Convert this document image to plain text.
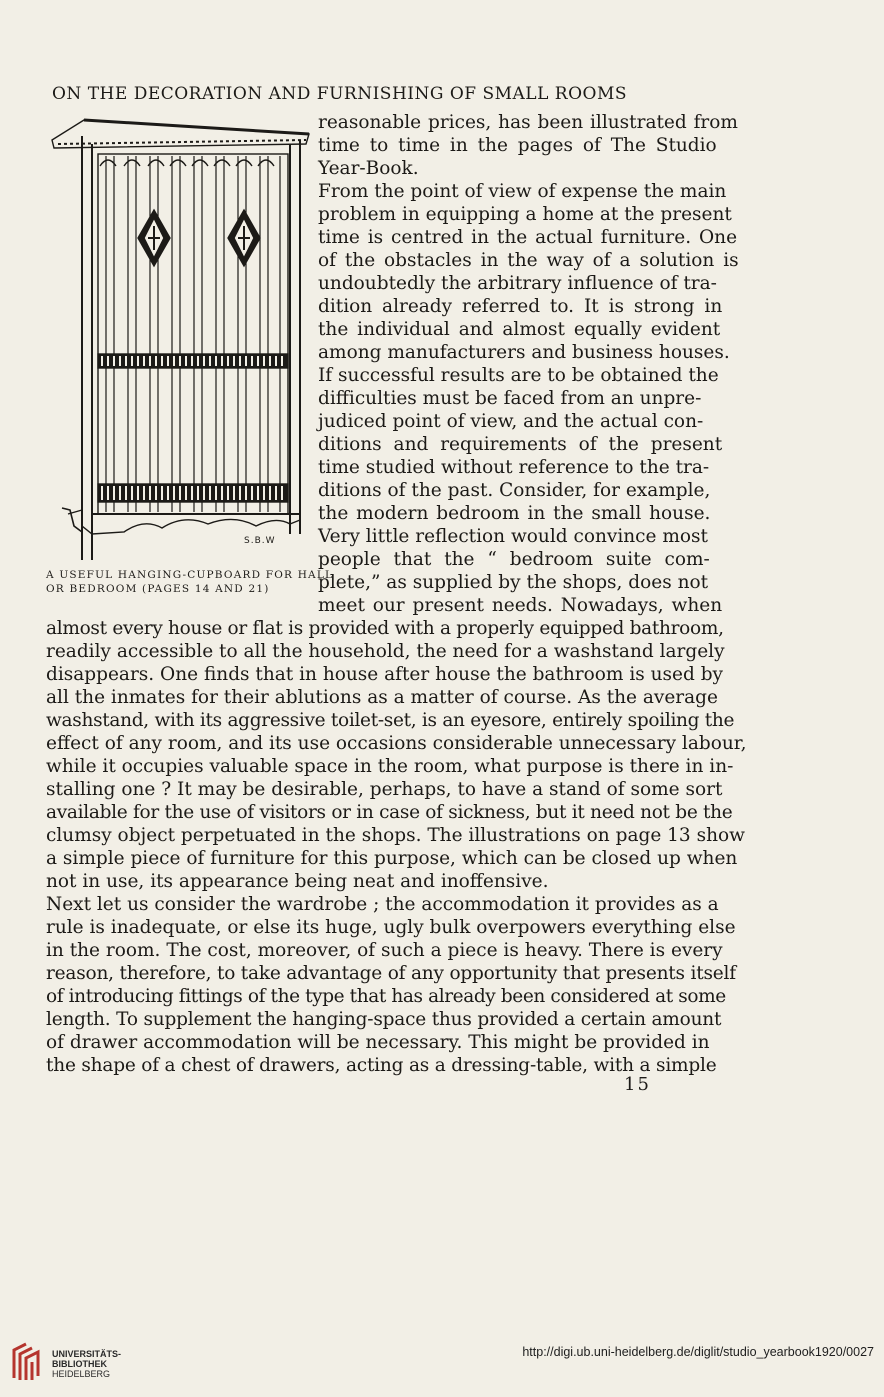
ON THE DECORATION AND FURNISHING OF SMALL ROOMS
S.B.W
A USEFUL HANGING-CUPBOARD FOR HALL
OR BEDROOM (PAGES 14 AND 21)
reasonable prices, has been illustrated from
time to time in the pages of The Studio
Year-Book.
From the point of view of expense the main
problem in equipping a home at the present
time is centred in the actual furniture. One
of the obstacles in the way of a solution is
undoubtedly the arbitrary influence of tra-
dition already referred to. It is strong in
the individual and almost equally evident
among manufacturers and business houses.
If successful results are to be obtained the
difficulties must be faced from an unpre-
judiced point of view, and the actual con-
ditions and requirements of the present
time studied without reference to the tra-
ditions of the past. Consider, for example,
the modern bedroom in the small house.
Very little reflection would convince most
people that the “ bedroom suite com-
plete,” as supplied by the shops, does not
meet our present needs. Nowadays, when
almost every house or flat is provided with a properly equipped bathroom,
readily accessible to all the household, the need for a washstand largely
disappears. One finds that in house after house the bathroom is used by
all the inmates for their ablutions as a matter of course. As the average
washstand, with its aggressive toilet-set, is an eyesore, entirely spoiling the
effect of any room, and its use occasions considerable unnecessary labour,
while it occupies valuable space in the room, what purpose is there in in-
stalling one ? It may be desirable, perhaps, to have a stand of some sort
available for the use of visitors or in case of sickness, but it need not be the
clumsy object perpetuated in the shops. The illustrations on page 13 show
a simple piece of furniture for this purpose, which can be closed up when
not in use, its appearance being neat and inoffensive.
Next let us consider the wardrobe ; the accommodation it provides as a
rule is inadequate, or else its huge, ugly bulk overpowers everything else
in the room. The cost, moreover, of such a piece is heavy. There is every
reason, therefore, to take advantage of any opportunity that presents itself
of introducing fittings of the type that has already been considered at some
length. To supplement the hanging-space thus provided a certain amount
of drawer accommodation will be necessary. This might be provided in
the shape of a chest of drawers, acting as a dressing-table, with a simple
15
UNIVERSITÄTS-
BIBLIOTHEK
HEIDELBERG
http://digi.ub.uni-heidelberg.de/diglit/studio_yearbook1920/0027
